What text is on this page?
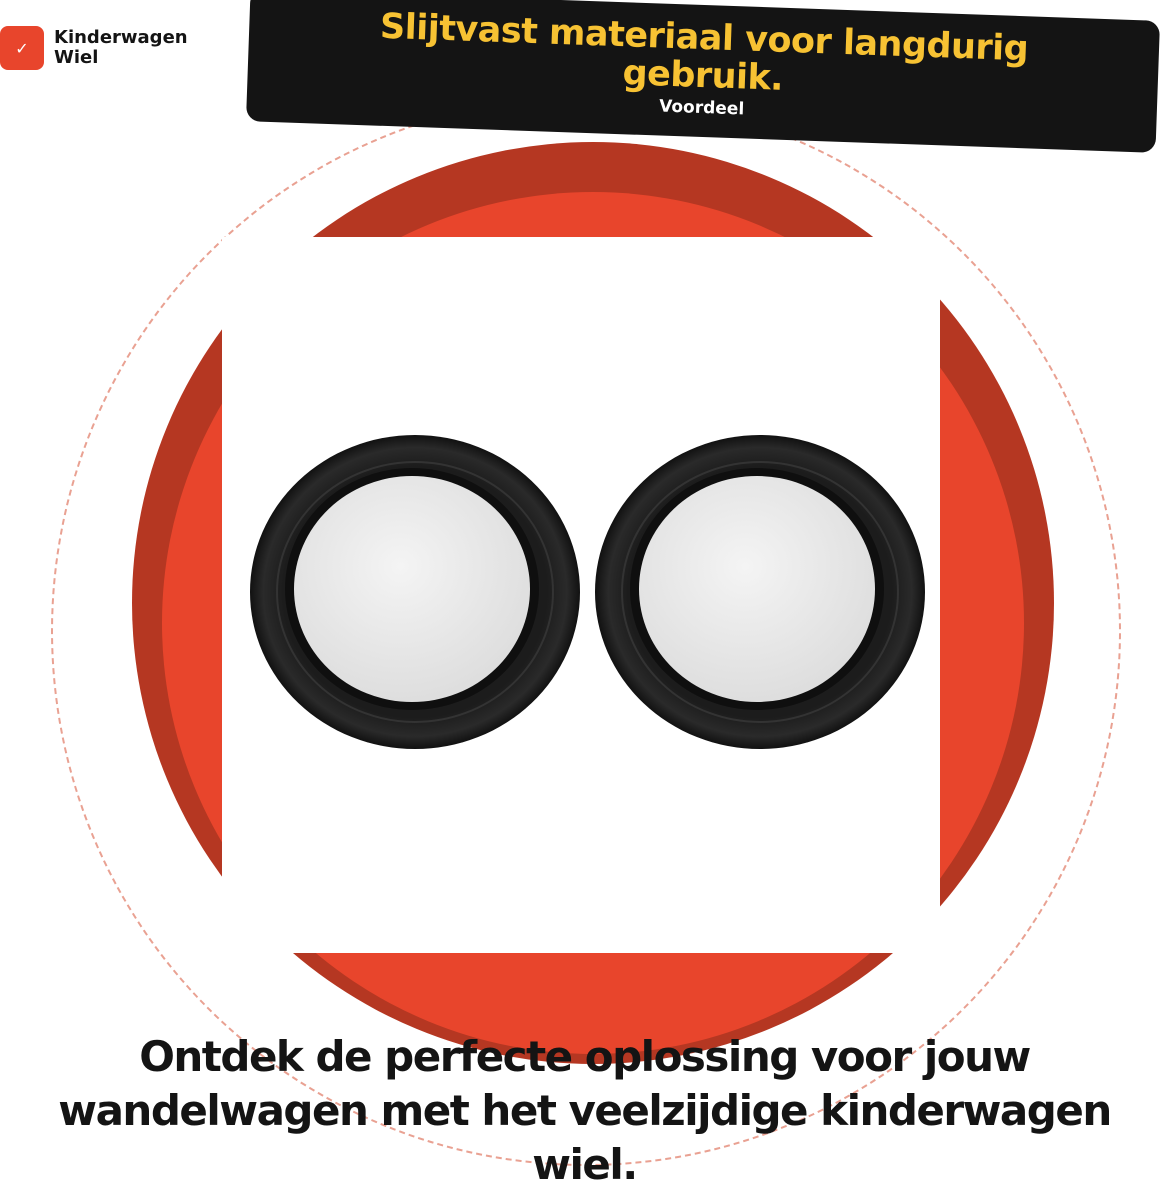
✓	Kinderwagen Wiel	Slijtvast materiaal voor langdurig gebruik.
Voordeel
Ontdek de perfecte oplossing voor jouw wandelwagen met het veelzijdige kinderwagen wiel.
